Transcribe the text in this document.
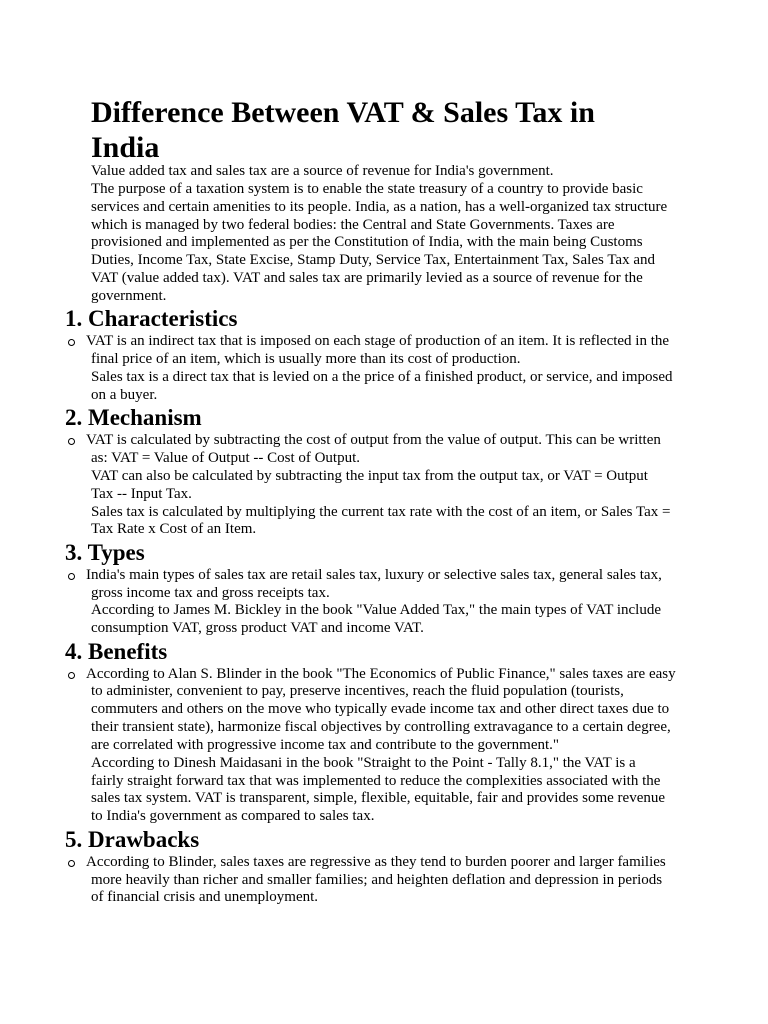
Difference Between VAT & Sales Tax in India
Value added tax and sales tax are a source of revenue for India's government.
The purpose of a taxation system is to enable the state treasury of a country to provide basic
services and certain amenities to its people. India, as a nation, has a well-organized tax structure
which is managed by two federal bodies: the Central and State Governments. Taxes are
provisioned and implemented as per the Constitution of India, with the main being Customs
Duties, Income Tax, State Excise, Stamp Duty, Service Tax, Entertainment Tax, Sales Tax and
VAT (value added tax). VAT and sales tax are primarily levied as a source of revenue for the
government.
1. Characteristics
VAT is an indirect tax that is imposed on each stage of production of an item. It is reflected in the
final price of an item, which is usually more than its cost of production.
Sales tax is a direct tax that is levied on a the price of a finished product, or service, and imposed
on a buyer.
2. Mechanism
VAT is calculated by subtracting the cost of output from the value of output. This can be written
as: VAT = Value of Output -- Cost of Output.
VAT can also be calculated by subtracting the input tax from the output tax, or VAT = Output
Tax -- Input Tax.
Sales tax is calculated by multiplying the current tax rate with the cost of an item, or Sales Tax =
Tax Rate x Cost of an Item.
3. Types
India's main types of sales tax are retail sales tax, luxury or selective sales tax, general sales tax,
gross income tax and gross receipts tax.
According to James M. Bickley in the book "Value Added Tax," the main types of VAT include
consumption VAT, gross product VAT and income VAT.
4. Benefits
According to Alan S. Blinder in the book "The Economics of Public Finance," sales taxes are easy
to administer, convenient to pay, preserve incentives, reach the fluid population (tourists,
commuters and others on the move who typically evade income tax and other direct taxes due to
their transient state), harmonize fiscal objectives by controlling extravagance to a certain degree,
are correlated with progressive income tax and contribute to the government."
According to Dinesh Maidasani in the book "Straight to the Point - Tally 8.1," the VAT is a
fairly straight forward tax that was implemented to reduce the complexities associated with the
sales tax system. VAT is transparent, simple, flexible, equitable, fair and provides some revenue
to India's government as compared to sales tax.
5. Drawbacks
According to Blinder, sales taxes are regressive as they tend to burden poorer and larger families
more heavily than richer and smaller families; and heighten deflation and depression in periods
of financial crisis and unemployment.
